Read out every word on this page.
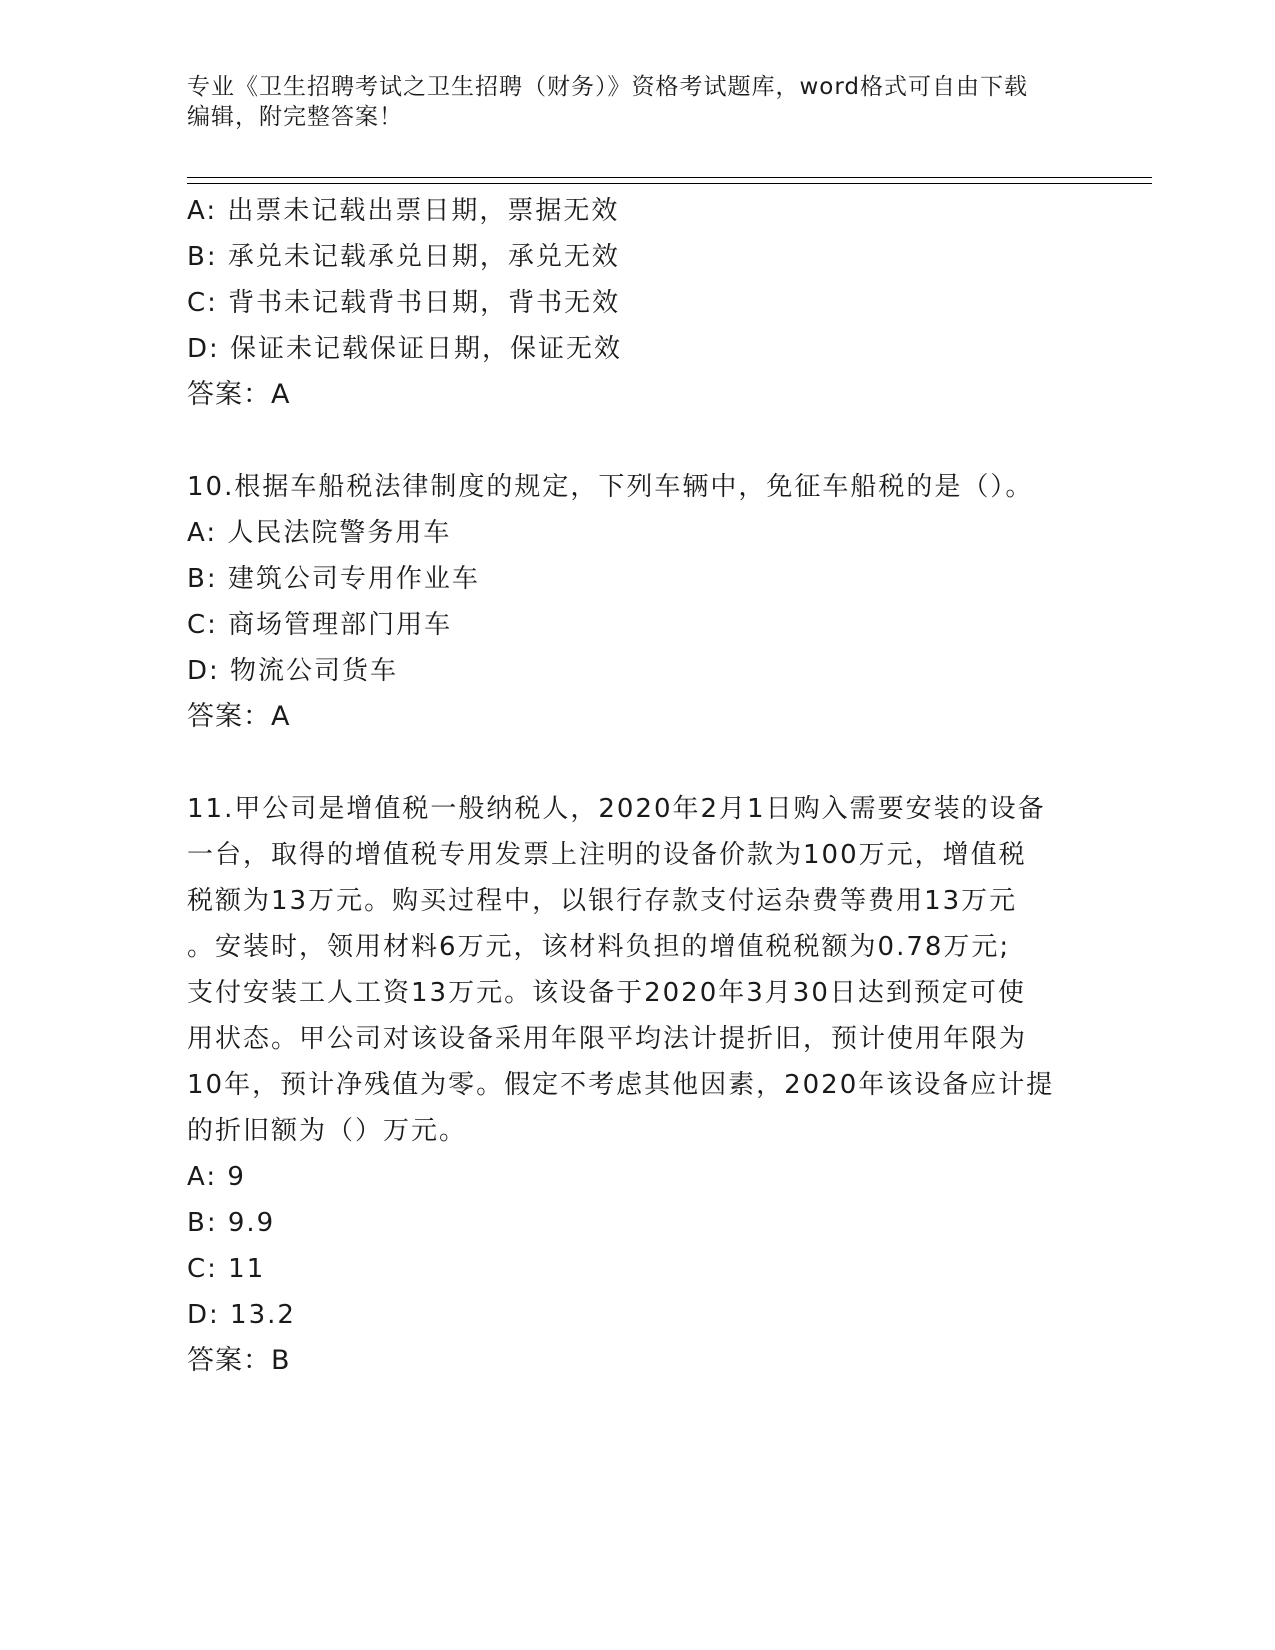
专业《卫生招聘考试之卫生招聘（财务）》资格考试题库，word格式可自由下载
编辑，附完整答案！
A: 出票未记载出票日期，票据无效
B: 承兑未记载承兑日期，承兑无效
C: 背书未记载背书日期，背书无效
D: 保证未记载保证日期，保证无效
答案：A
10.根据车船税法律制度的规定，下列车辆中，免征车船税的是（）。
A: 人民法院警务用车
B: 建筑公司专用作业车
C: 商场管理部门用车
D: 物流公司货车
答案：A
11.甲公司是增值税一般纳税人，2020年2月1日购入需要安装的设备
一台，取得的增值税专用发票上注明的设备价款为100万元，增值税
税额为13万元。购买过程中，以银行存款支付运杂费等费用13万元
。安装时，领用材料6万元，该材料负担的增值税税额为0.78万元;
支付安装工人工资13万元。该设备于2020年3月30日达到预定可使
用状态。甲公司对该设备采用年限平均法计提折旧，预计使用年限为
10年，预计净残值为零。假定不考虑其他因素，2020年该设备应计提
的折旧额为（）万元。
A: 9
B: 9.9
C: 11
D: 13.2
答案：B
